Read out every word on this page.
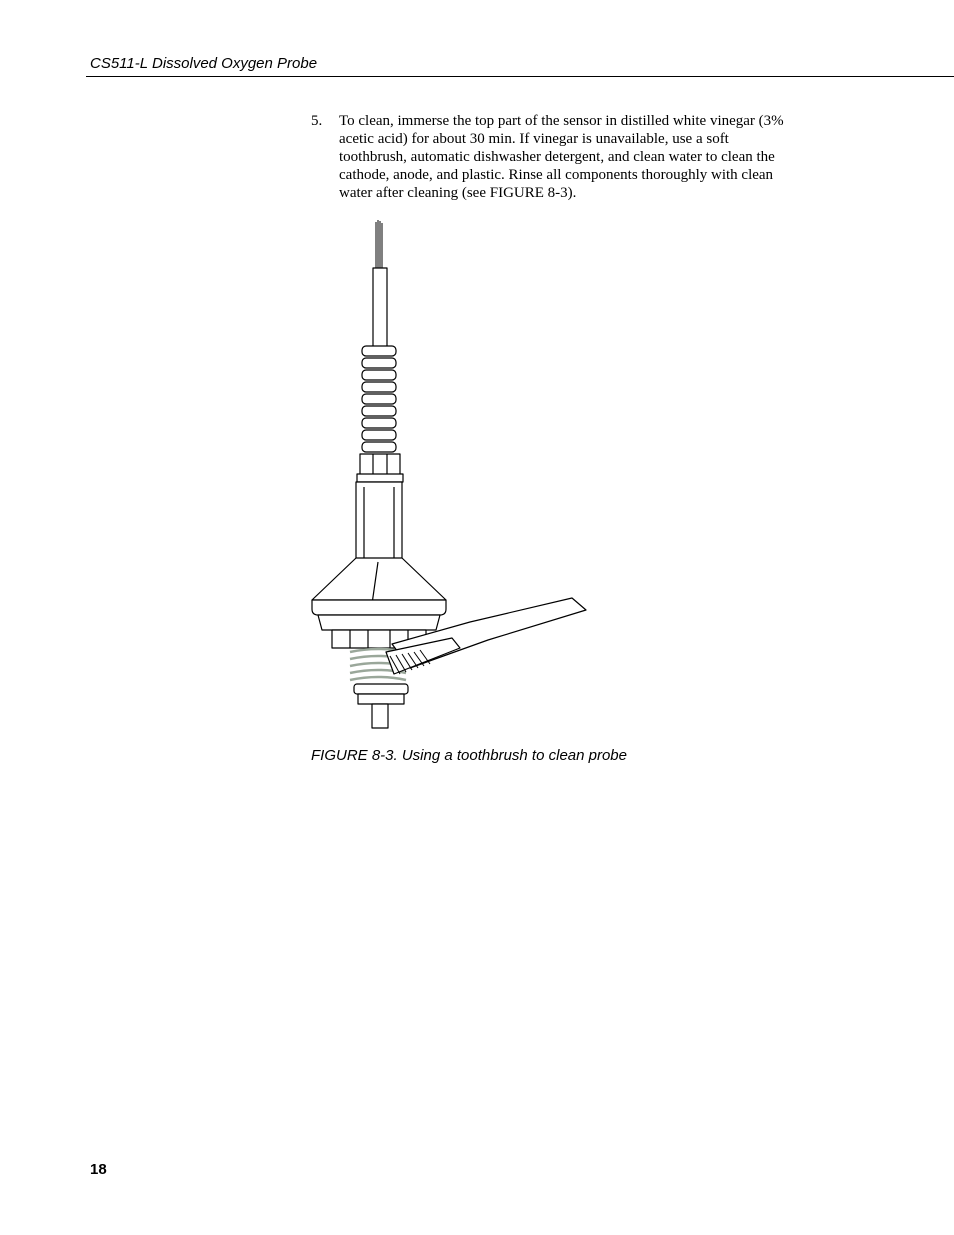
CS511-L Dissolved Oxygen Probe
5. To clean, immerse the top part of the sensor in distilled white vinegar (3%
acetic acid) for about 30 min. If vinegar is unavailable, use a soft
toothbrush, automatic dishwasher detergent, and clean water to clean the
cathode, anode, and plastic. Rinse all components thoroughly with clean
water after cleaning (see FIGURE 8-3).
FIGURE 8-3. Using a toothbrush to clean probe
18
